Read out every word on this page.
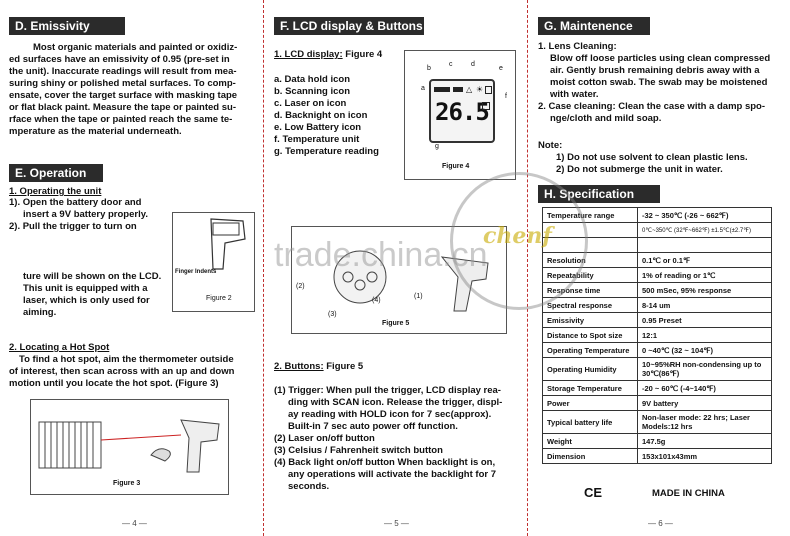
D. Emissivity
Most organic materials and painted or oxidiz-
ed surfaces have an emissivity of 0.95 (pre-set in
the unit). Inaccurate readings will result from mea-
suring shiny or polished metal surfaces. To comp-
ensate, cover the target surface with masking tape
or flat black paint. Measure the tape or painted su-
rface when the tape or painted reach the same te-
mperature as the material underneath.
E. Operation
1. Operating the unit
1). Open the battery door and
insert a 9V battery properly.
2). Pull the trigger to turn on
ture will be shown on the LCD.
This unit is equipped with a
laser, which is only used for
aiming.
Finger Indents
Figure 2
2. Locating a Hot Spot
To find a hot spot, aim the thermometer outside
of interest, then scan across with an up and down
motion until you locate the hot spot. (Figure 3)
Figure 3
— 4 —
F. LCD display & Buttons
1. LCD display: Figure 4
a. Data hold icon
b. Scanning icon
c. Laser on icon
d. Backnight on icon
e. Low Battery icon
f. Temperature unit
g. Temperature reading
△ ☀
26.5
a
b
c	d
e
f
g
Figure 4
(2)
(3)
(4)
(1)
Figure 5
2. Buttons: Figure 5
(1) Trigger: When pull the trigger, LCD display rea-
ding with SCAN icon. Release the trigger, displ-
ay reading with HOLD icon for 7 sec(approx).
Built-in 7 sec auto power off function.
(2) Laser on/off button
(3) Celsius / Fahrenheit switch button
(4) Back light on/off button When backlight is on,
any operations will activate the backlight for 7
seconds.
— 5 —
G. Maintenence
1. Lens Cleaning:
Blow off loose particles using clean compressed
air. Gently brush remaining debris away with a
moist cotton swab. The swab may be moistened
with water.
2. Case cleaning: Clean the case with a damp spo-
nge/cloth and mild soap.
Note:
1) Do not use solvent to clean plastic lens.
2) Do not submerge the unit in water.
H. Specification
Temperature range	-32 ~ 350℃ (-26 ~ 662℉)
	0℃~350℃ (32℉~662℉) ±1.5℃(±2.7℉)

Resolution	0.1℃ or 0.1℉
Repeatability	1% of reading or 1℃
Response time	500 mSec, 95% response
Spectral response	8-14 um
Emissivity	0.95 Preset
Distance to Spot size	12:1
Operating Temperature	0 ~40℃ (32 ~ 104℉)
Operating Humidity	10~95%RH non-condensing up to 30℃(86℉)
Storage Temperature	-20 ~ 60℃ (-4~140℉)
Power	9V battery
Typical battery life	Non-laser mode: 22 hrs; Laser Models:12 hrs
Weight	147.5g
Dimension	153x101x43mm
CE	MADE IN CHINA
— 6 —
chenf
trade.china.cn
